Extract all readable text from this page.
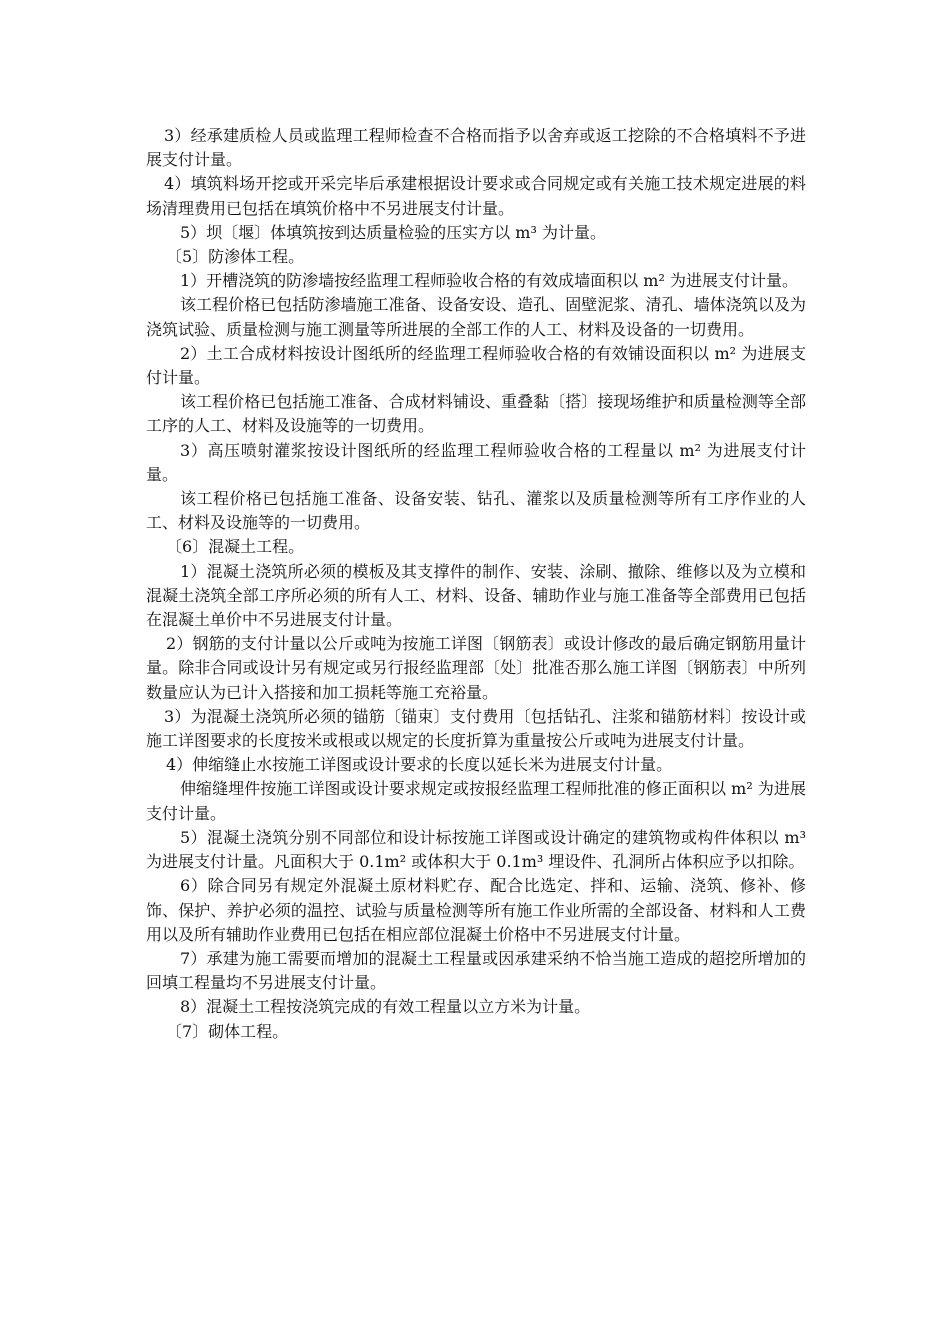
3）经承建质检人员或监理工程师检查不合格而指予以舍弃或返工挖除的不合格填料不予进展支付计量。

4）填筑料场开挖或开采完毕后承建根据设计要求或合同规定或有关施工技术规定进展的料场清理费用已包括在填筑价格中不另进展支付计量。

5）坝〔堰〕体填筑按到达质量检验的压实方以 m³ 为计量。

〔5〕防渗体工程。

1）开槽浇筑的防渗墙按经监理工程师验收合格的有效成墙面积以 m² 为进展支付计量。

该工程价格已包括防渗墙施工准备、设备安设、造孔、固壁泥浆、清孔、墙体浇筑以及为浇筑试验、质量检测与施工测量等所进展的全部工作的人工、材料及设备的一切费用。

2）土工合成材料按设计图纸所的经监理工程师验收合格的有效铺设面积以 m² 为进展支付计量。

该工程价格已包括施工准备、合成材料铺设、重叠黏〔搭〕接现场维护和质量检测等全部工序的人工、材料及设施等的一切费用。

3）高压喷射灌浆按设计图纸所的经监理工程师验收合格的工程量以 m² 为进展支付计量。

该工程价格已包括施工准备、设备安装、钻孔、灌浆以及质量检测等所有工序作业的人工、材料及设施等的一切费用。

〔6〕混凝土工程。

1）混凝土浇筑所必须的模板及其支撑件的制作、安装、涂刷、撤除、维修以及为立模和混凝土浇筑全部工序所必须的所有人工、材料、设备、辅助作业与施工准备等全部费用已包括在混凝土单价中不另进展支付计量。

2）钢筋的支付计量以公斤或吨为按施工详图〔钢筋表〕或设计修改的最后确定钢筋用量计量。除非合同或设计另有规定或另行报经监理部〔处〕批准否那么施工详图〔钢筋表〕中所列数量应认为已计入搭接和加工损耗等施工充裕量。

3）为混凝土浇筑所必须的锚筋〔锚束〕支付费用〔包括钻孔、注浆和锚筋材料〕按设计或施工详图要求的长度按米或根或以规定的长度折算为重量按公斤或吨为进展支付计量。

4）伸缩缝止水按施工详图或设计要求的长度以延长米为进展支付计量。

伸缩缝埋件按施工详图或设计要求规定或按报经监理工程师批准的修正面积以 m² 为进展支付计量。

5）混凝土浇筑分别不同部位和设计标按施工详图或设计确定的建筑物或构件体积以 m³ 为进展支付计量。凡面积大于 0.1m² 或体积大于 0.1m³ 埋设件、孔洞所占体积应予以扣除。

6）除合同另有规定外混凝土原材料贮存、配合比选定、拌和、运输、浇筑、修补、修饰、保护、养护必须的温控、试验与质量检测等所有施工作业所需的全部设备、材料和人工费用以及所有辅助作业费用已包括在相应部位混凝土价格中不另进展支付计量。

7）承建为施工需要而增加的混凝土工程量或因承建采纳不恰当施工造成的超挖所增加的回填工程量均不另进展支付计量。

8）混凝土工程按浇筑完成的有效工程量以立方米为计量。

〔7〕砌体工程。
